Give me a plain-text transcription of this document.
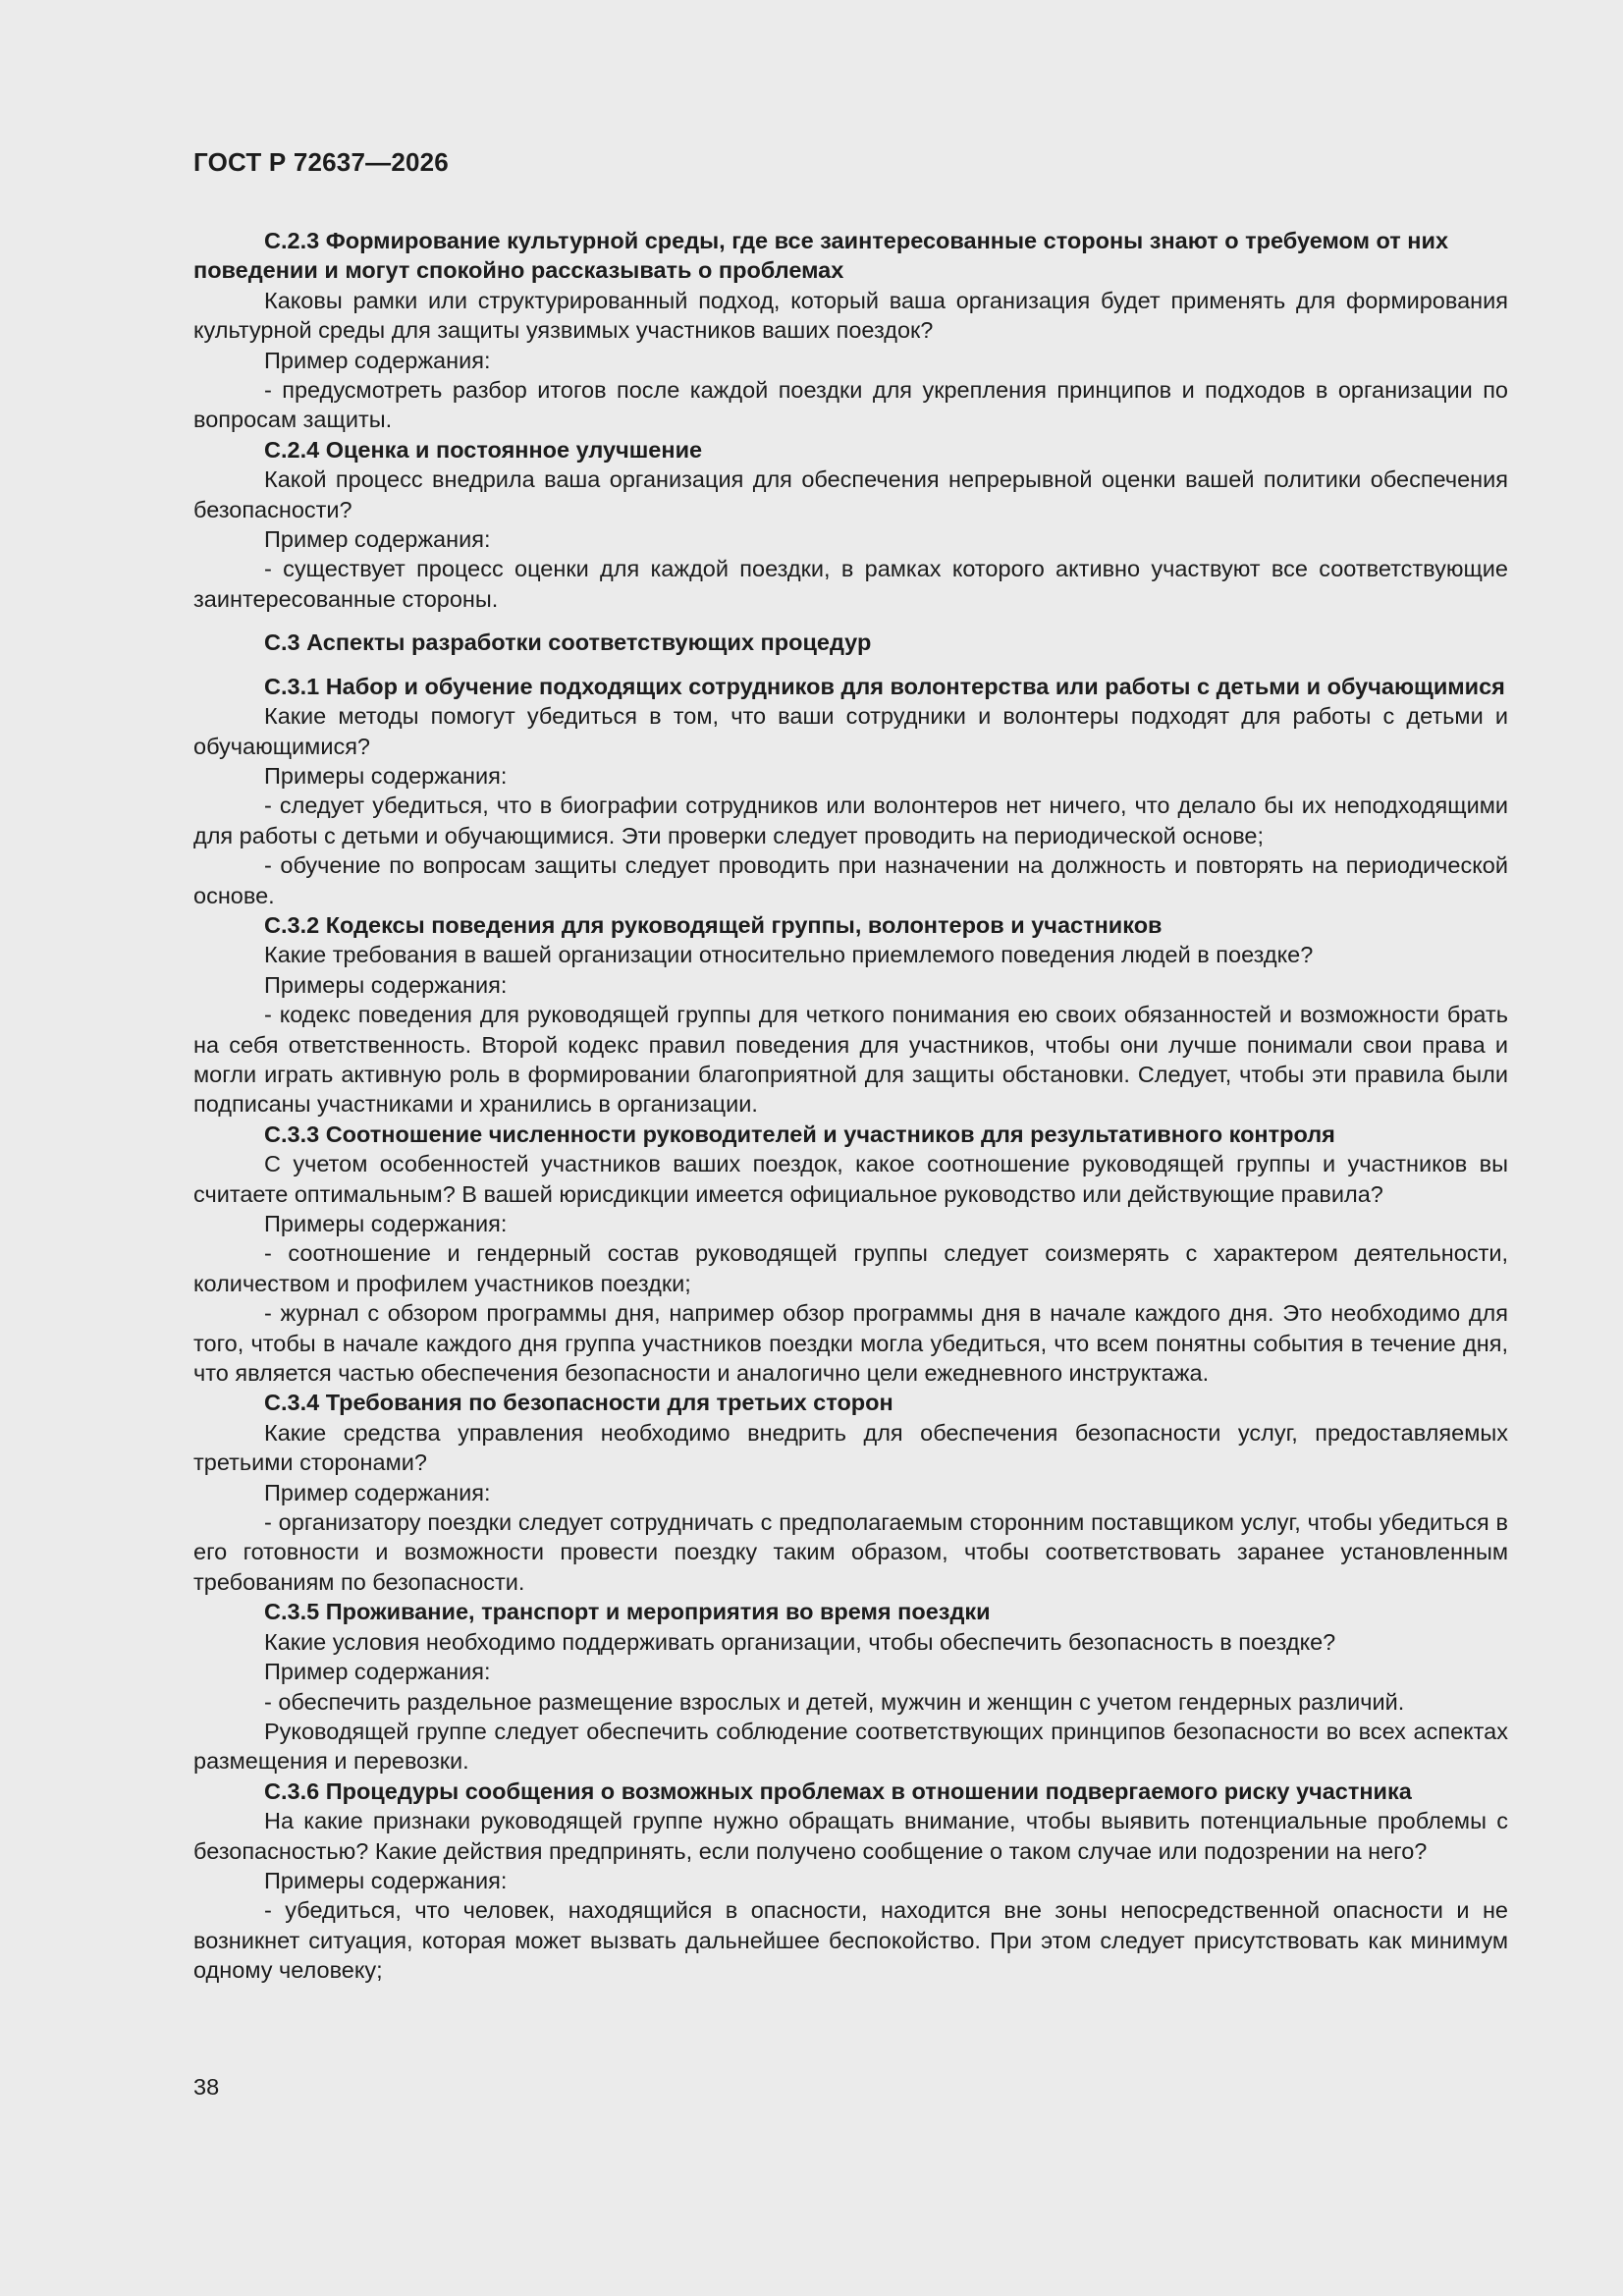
ГОСТ Р 72637—2026

С.2.3 Формирование культурной среды, где все заинтересованные стороны знают о требуемом от них поведении и могут спокойно рассказывать о проблемах

Каковы рамки или структурированный подход, который ваша организация будет применять для формирования культурной среды для защиты уязвимых участников ваших поездок?

Пример содержания:

- предусмотреть разбор итогов после каждой поездки для укрепления принципов и подходов в организации по вопросам защиты.

С.2.4 Оценка и постоянное улучшение

Какой процесс внедрила ваша организация для обеспечения непрерывной оценки вашей политики обеспечения безопасности?

Пример содержания:

- существует процесс оценки для каждой поездки, в рамках которого активно участвуют все соответствующие заинтересованные стороны.

С.3 Аспекты разработки соответствующих процедур

С.3.1 Набор и обучение подходящих сотрудников для волонтерства или работы с детьми и обучающимися

Какие методы помогут убедиться в том, что ваши сотрудники и волонтеры подходят для работы с детьми и обучающимися?

Примеры содержания:

- следует убедиться, что в биографии сотрудников или волонтеров нет ничего, что делало бы их неподходящими для работы с детьми и обучающимися. Эти проверки следует проводить на периодической основе;

- обучение по вопросам защиты следует проводить при назначении на должность и повторять на периодической основе.

С.3.2 Кодексы поведения для руководящей группы, волонтеров и участников

Какие требования в вашей организации относительно приемлемого поведения людей в поездке?

Примеры содержания:

- кодекс поведения для руководящей группы для четкого понимания ею своих обязанностей и возможности брать на себя ответственность. Второй кодекс правил поведения для участников, чтобы они лучше понимали свои права и могли играть активную роль в формировании благоприятной для защиты обстановки. Следует, чтобы эти правила были подписаны участниками и хранились в организации.

С.3.3 Соотношение численности руководителей и участников для результативного контроля

С учетом особенностей участников ваших поездок, какое соотношение руководящей группы и участников вы считаете оптимальным? В вашей юрисдикции имеется официальное руководство или действующие правила?

Примеры содержания:

- соотношение и гендерный состав руководящей группы следует соизмерять с характером деятельности, количеством и профилем участников поездки;

- журнал с обзором программы дня, например обзор программы дня в начале каждого дня. Это необходимо для того, чтобы в начале каждого дня группа участников поездки могла убедиться, что всем понятны события в течение дня, что является частью обеспечения безопасности и аналогично цели ежедневного инструктажа.

С.3.4 Требования по безопасности для третьих сторон

Какие средства управления необходимо внедрить для обеспечения безопасности услуг, предоставляемых третьими сторонами?

Пример содержания:

- организатору поездки следует сотрудничать с предполагаемым сторонним поставщиком услуг, чтобы убедиться в его готовности и возможности провести поездку таким образом, чтобы соответствовать заранее установленным требованиям по безопасности.

С.3.5 Проживание, транспорт и мероприятия во время поездки

Какие условия необходимо поддерживать организации, чтобы обеспечить безопасность в поездке?

Пример содержания:

- обеспечить раздельное размещение взрослых и детей, мужчин и женщин с учетом гендерных различий.

Руководящей группе следует обеспечить соблюдение соответствующих принципов безопасности во всех аспектах размещения и перевозки.

С.3.6 Процедуры сообщения о возможных проблемах в отношении подвергаемого риску участника

На какие признаки руководящей группе нужно обращать внимание, чтобы выявить потенциальные проблемы с безопасностью? Какие действия предпринять, если получено сообщение о таком случае или подозрении на него?

Примеры содержания:

- убедиться, что человек, находящийся в опасности, находится вне зоны непосредственной опасности и не возникнет ситуация, которая может вызвать дальнейшее беспокойство. При этом следует присутствовать как минимум одному человеку;

38
